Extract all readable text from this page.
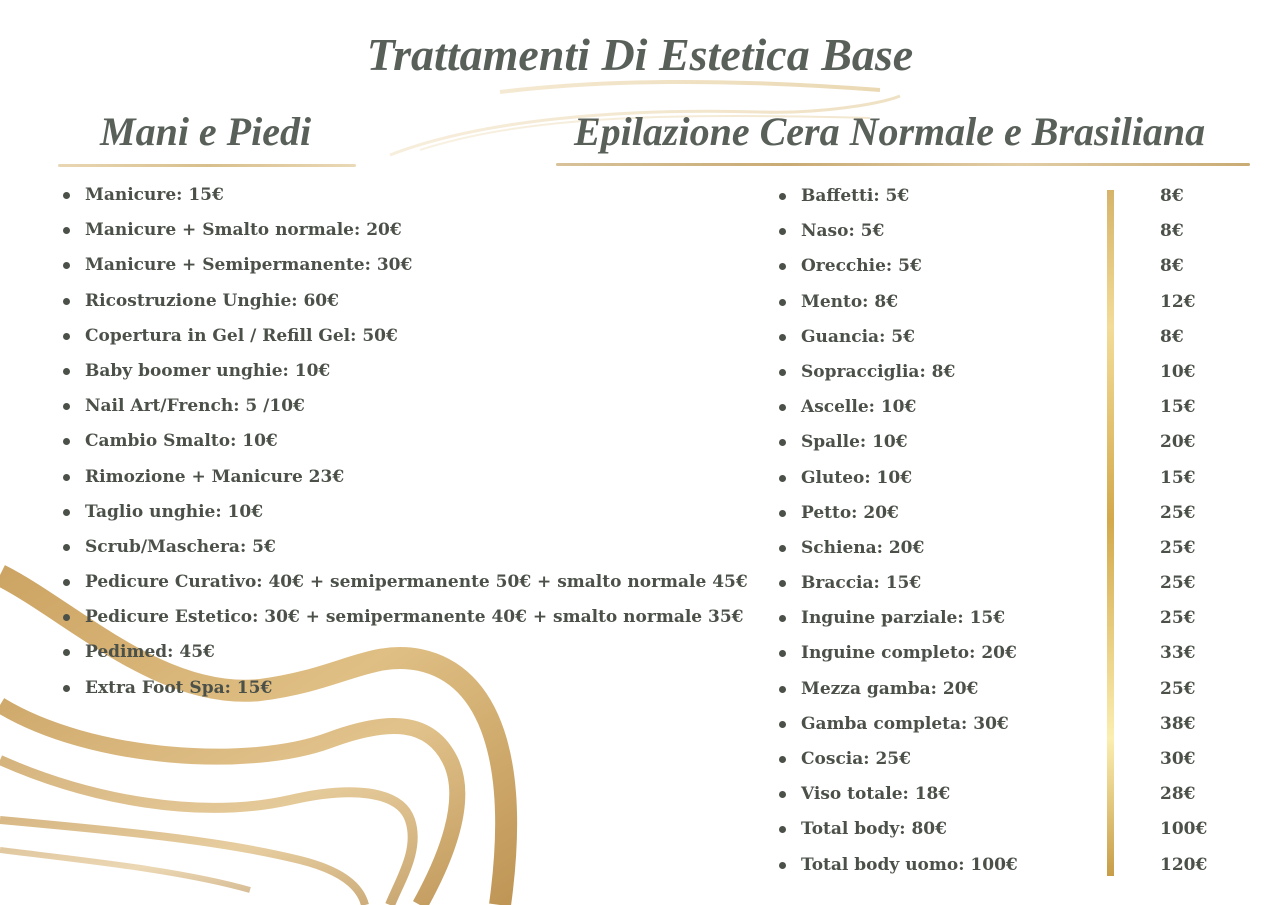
Trattamenti Di Estetica Base
Mani e Piedi	Epilazione Cera Normale e Brasiliana
Manicure: 15€
Manicure + Smalto normale: 20€
Manicure + Semipermanente: 30€
Ricostruzione Unghie: 60€
Copertura in Gel / Refill Gel: 50€
Baby boomer unghie: 10€
Nail Art/French: 5 /10€
Cambio Smalto: 10€
Rimozione + Manicure 23€
Taglio unghie: 10€
Scrub/Maschera: 5€
Pedicure Curativo: 40€ + semipermanente 50€ + smalto normale 45€
Pedicure Estetico: 30€ + semipermanente 40€ + smalto normale 35€
Pedimed: 45€
Extra Foot Spa: 15€
Baffetti: 5€
Naso: 5€
Orecchie: 5€
Mento: 8€
Guancia: 5€
Sopracciglia: 8€
Ascelle: 10€
Spalle: 10€
Gluteo: 10€
Petto: 20€
Schiena: 20€
Braccia: 15€
Inguine parziale: 15€
Inguine completo: 20€
Mezza gamba: 20€
Gamba completa: 30€
Coscia: 25€
Viso totale: 18€
Total body: 80€
Total body uomo: 100€
8€
8€
8€
12€
8€
10€
15€
20€
15€
25€
25€
25€
25€
33€
25€
38€
30€
28€
100€
120€
